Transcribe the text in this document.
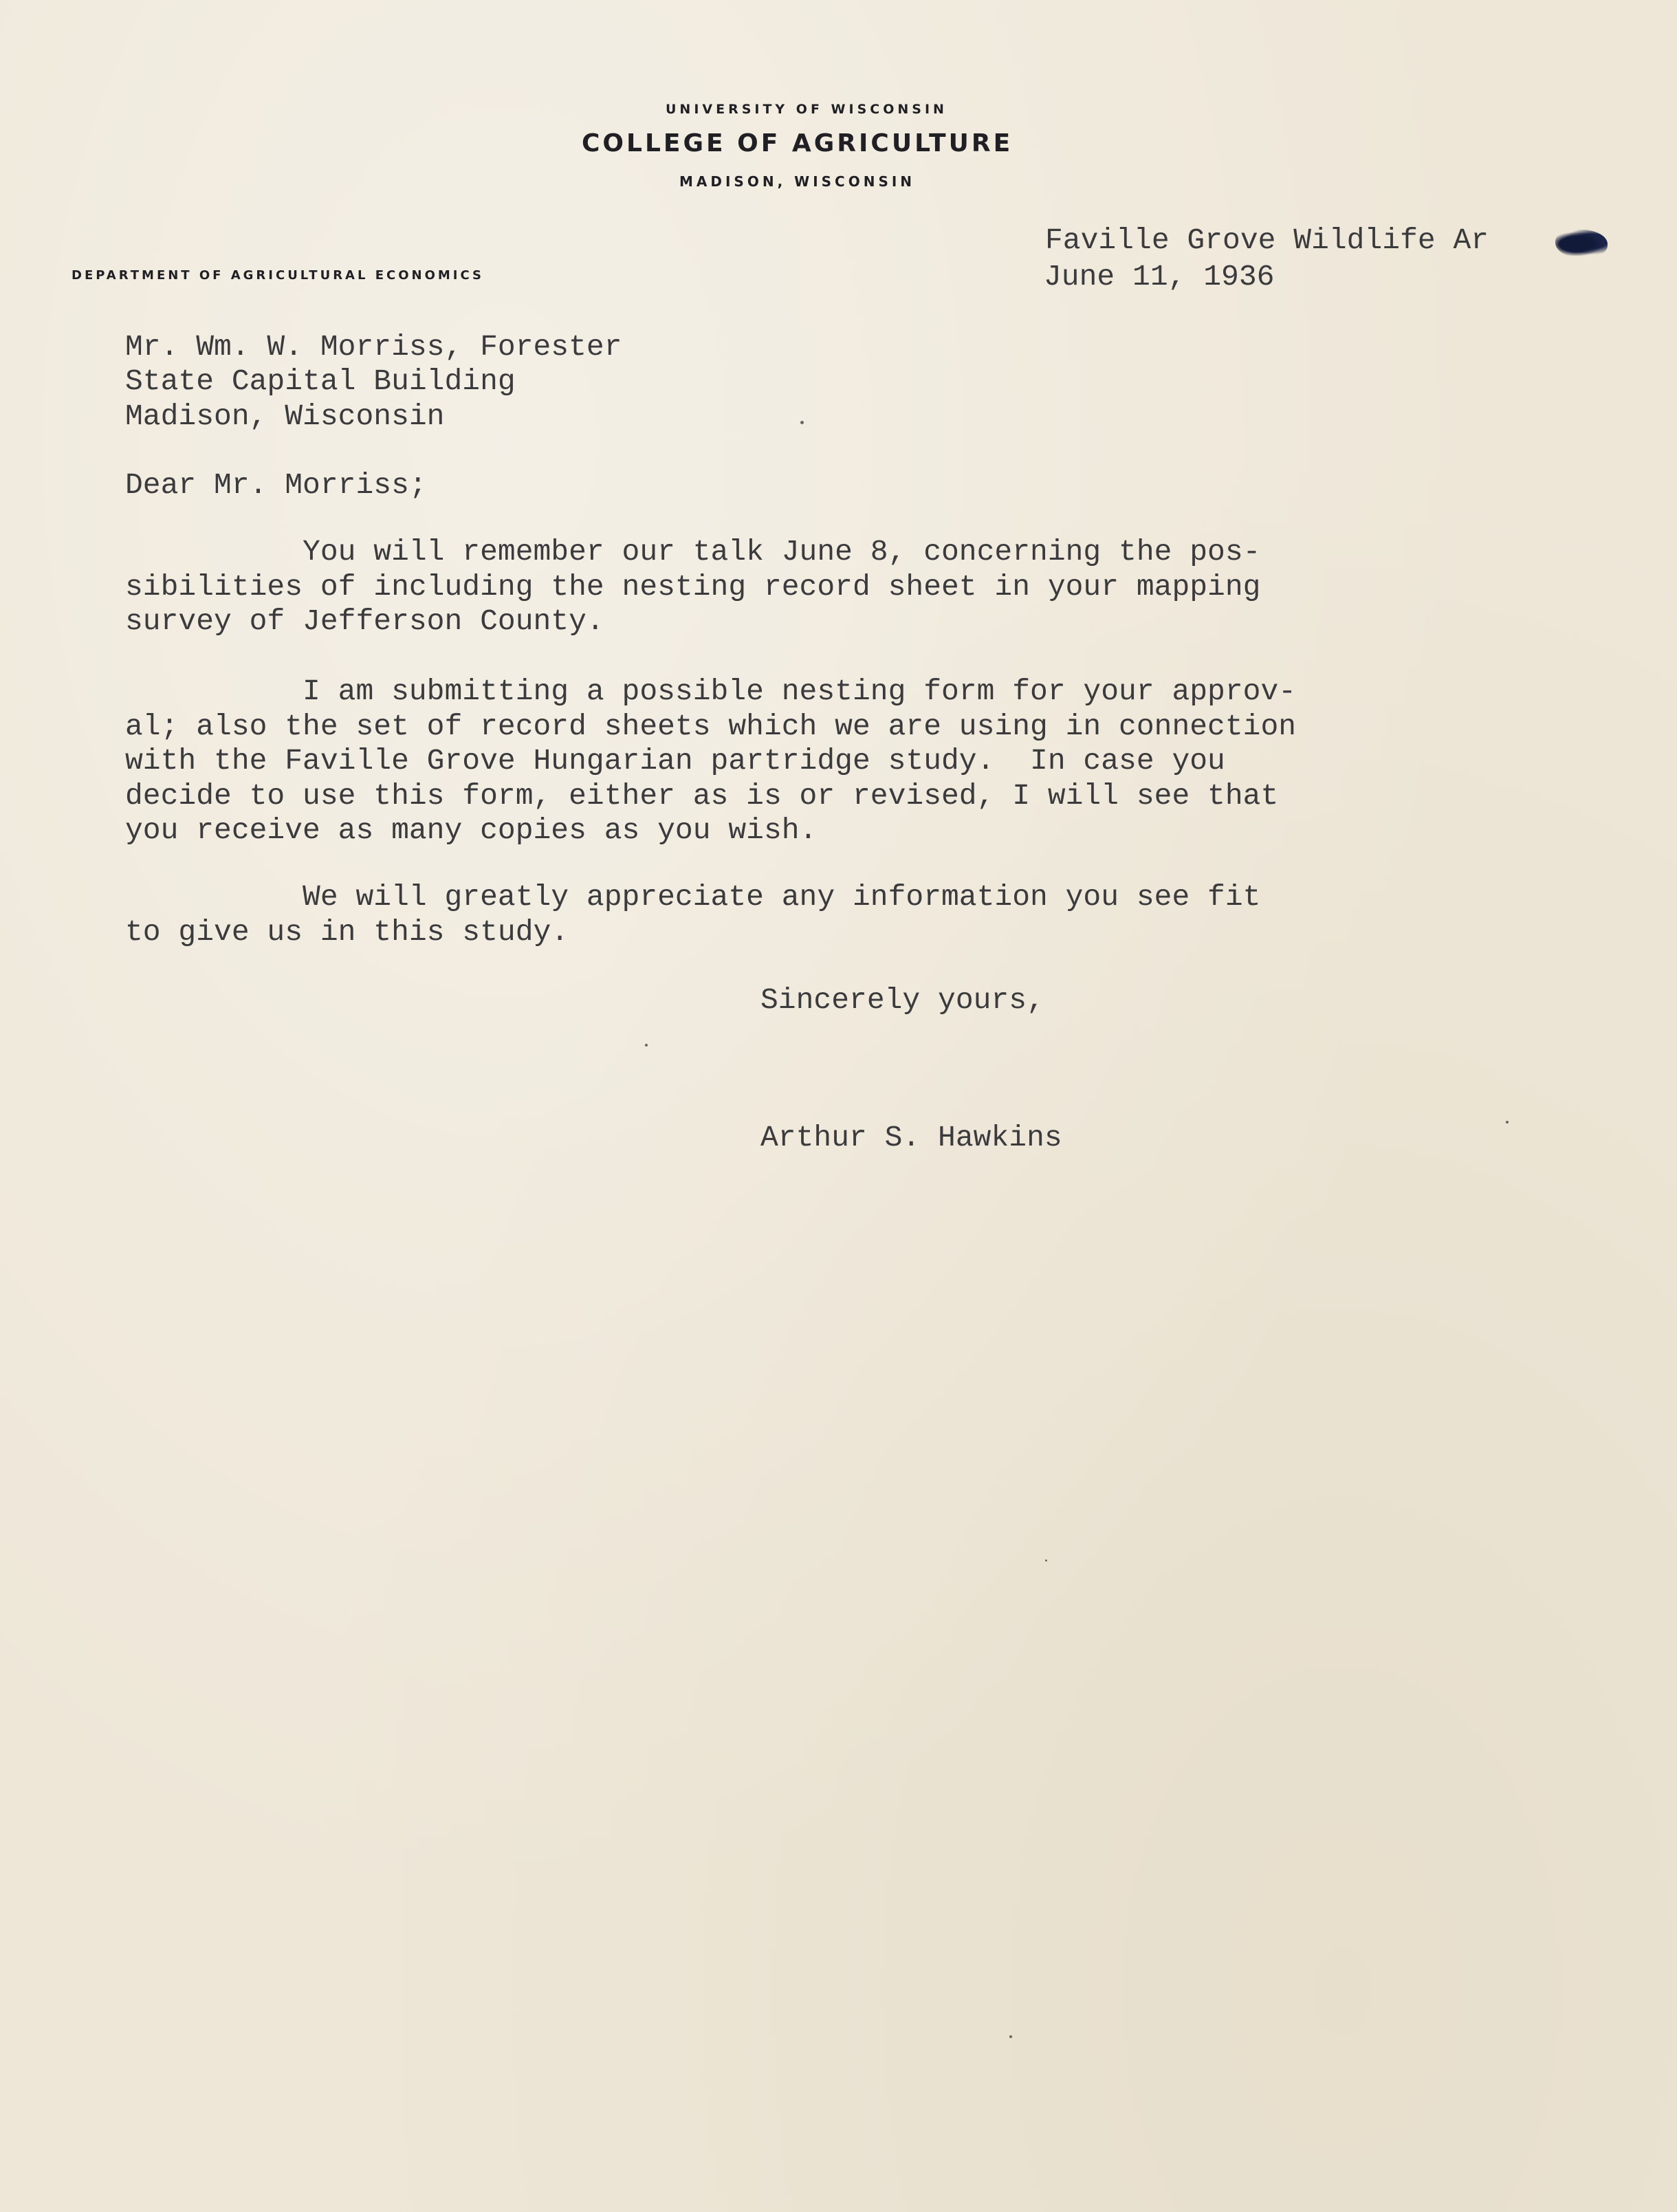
UNIVERSITY OF WISCONSIN
COLLEGE OF AGRICULTURE
MADISON, WISCONSIN
DEPARTMENT OF AGRICULTURAL ECONOMICS
Faville Grove Wildlife Ar
June 11, 1936
Mr. Wm. W. Morriss, Forester
State Capital Building
Madison, Wisconsin
Dear Mr. Morriss;
You will remember our talk June 8, concerning the pos-
sibilities of including the nesting record sheet in your mapping
survey of Jefferson County.
I am submitting a possible nesting form for your approv-
al; also the set of record sheets which we are using in connection
with the Faville Grove Hungarian partridge study.  In case you
decide to use this form, either as is or revised, I will see that
you receive as many copies as you wish.
We will greatly appreciate any information you see fit
to give us in this study.
Sincerely yours,
Arthur S. Hawkins
